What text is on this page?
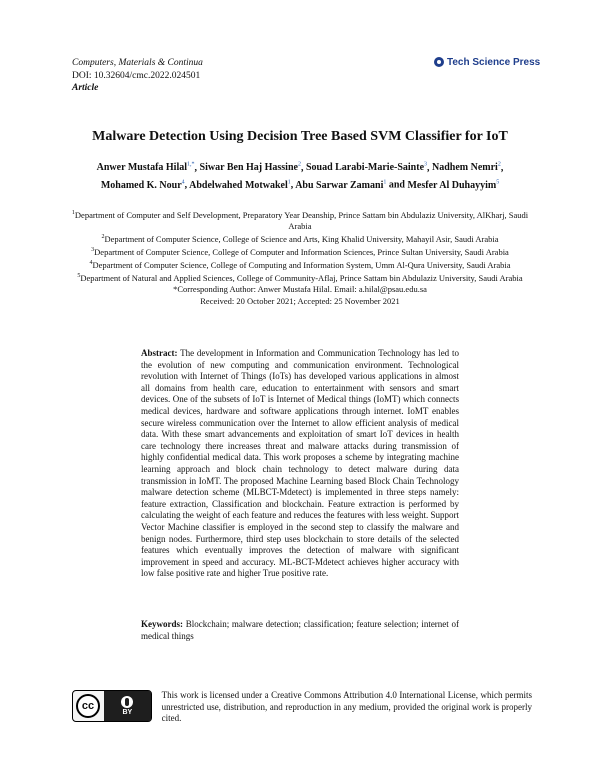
Computers, Materials & Continua
DOI: 10.32604/cmc.2022.024501
Article
Tech Science Press
Malware Detection Using Decision Tree Based SVM Classifier for IoT
Anwer Mustafa Hilal$^{1,*}$, Siwar Ben Haj Hassine$^2$, Souad Larabi-Marie-Sainte$^3$, Nadhem Nemri$^2$,
Mohamed K. Nour$^4$, Abdelwahed Motwakel$^1$, Abu Sarwar Zamani$^1$ and Mesfer Al Duhayyim$^5$
$^1$Department of Computer and Self Development, Preparatory Year Deanship, Prince Sattam bin Abdulaziz University, AlKharj, Saudi Arabia
$^2$Department of Computer Science, College of Science and Arts, King Khalid University, Mahayil Asir, Saudi Arabia
$^3$Department of Computer Science, College of Computer and Information Sciences, Prince Sultan University, Saudi Arabia
$^4$Department of Computer Science, College of Computing and Information System, Umm Al-Qura University, Saudi Arabia
$^5$Department of Natural and Applied Sciences, College of Community-Aflaj, Prince Sattam bin Abdulaziz University, Saudi Arabia
*Corresponding Author: Anwer Mustafa Hilal. Email: a.hilal@psau.edu.sa
Received: 20 October 2021; Accepted: 25 November 2021
Abstract: The development in Information and Communication Technology has led to the evolution of new computing and communication environment. Technological revolution with Internet of Things (IoTs) has developed various applications in almost all domains from health care, education to entertainment with sensors and smart devices. One of the subsets of IoT is Internet of Medical things (IoMT) which connects medical devices, hardware and software applications through internet. IoMT enables secure wireless communication over the Internet to allow efficient analysis of medical data. With these smart advancements and exploitation of smart IoT devices in health care technology there increases threat and malware attacks during transmission of highly confidential medical data. This work proposes a scheme by integrating machine learning approach and block chain technology to detect malware during data transmission in IoMT. The proposed Machine Learning based Block Chain Technology malware detection scheme (MLBCT-Mdetect) is implemented in three steps namely: feature extraction, Classification and blockchain. Feature extraction is performed by calculating the weight of each feature and reduces the features with less weight. Support Vector Machine classifier is employed in the second step to classify the malware and benign nodes. Furthermore, third step uses blockchain to store details of the selected features which eventually improves the detection of malware with significant improvement in speed and accuracy. ML-BCT-Mdetect achieves higher accuracy with low false positive rate and higher True positive rate.
Keywords: Blockchain; malware detection; classification; feature selection; internet of medical things
cc
BY
This work is licensed under a Creative Commons Attribution 4.0 International License, which permits unrestricted use, distribution, and reproduction in any medium, provided the original work is properly cited.
